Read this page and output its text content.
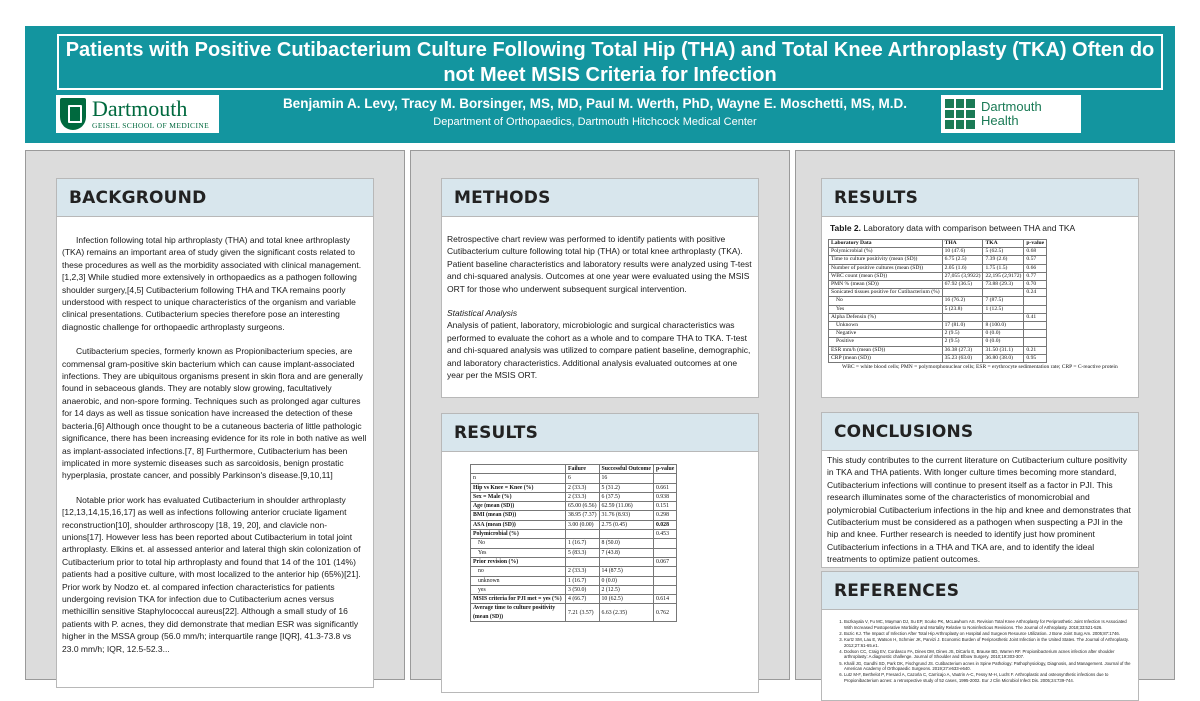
Patients with Positive Cutibacterium Culture Following Total Hip (THA) and Total Knee Arthroplasty (TKA) Often do not Meet MSIS Criteria for Infection
Dartmouth
GEISEL SCHOOL OF MEDICINE
Benjamin A. Levy, Tracy M. Borsinger, MS, MD, Paul M. Werth, PhD, Wayne E. Moschetti, MS, M.D.
Department of Orthopaedics, Dartmouth Hitchcock Medical Center
Dartmouth
Health
BACKGROUND

Infection following total hip arthroplasty (THA) and total knee arthroplasty (TKA) remains an important area of study given the significant costs related to these procedures as well as the morbidity associated with clinical management.[1,2,3] While studied more extensively in orthopaedics as a pathogen following shoulder surgery,[4,5] Cutibacterium following THA and TKA remains poorly understood with respect to unique characteristics of the organism and variable clinical presentations. Cutibacterium species therefore pose an interesting diagnostic challenge for orthopaedic arthroplasty surgeons.

Cutibacterium species, formerly known as Propionibacterium species, are commensal gram-positive skin bacterium which can cause implant-associated infections. They are ubiquitous organisms present in skin flora and are generally found in sebaceous glands. They are notably slow growing, facultatively anaerobic, and non-spore forming. Techniques such as prolonged agar cultures for 14 days as well as tissue sonication have increased the detection of these bacteria.[6] Although once thought to be a cutaneous bacteria of little pathologic significance, there has been increasing evidence for its role in both native as well as implant-associated infections.[7, 8] Furthermore, Cutibacterium has been implicated in more systemic diseases such as sarcoidosis, benign prostatic hyperplasia, prostate cancer, and possibly Parkinson's disease.[9,10,11]

Notable prior work has evaluated Cutibacterium in shoulder arthroplasty [12,13,14,15,16,17] as well as infections following anterior cruciate ligament reconstruction[10], shoulder arthroscopy [18, 19, 20], and clavicle non-unions[17]. However less has been reported about Cutibacterium in total joint arthroplasty. Elkins et. al assessed anterior and lateral thigh skin colonization of Cutibacterium prior to total hip arthroplasty and found that 14 of the 101 (14%) patients had a positive culture, with most localized to the anterior hip (65%)[21]. Prior work by Nodzo et. al compared infection characteristics for patients undergoing revision TKA for infection due to Cutibacterium acnes versus methicillin sensitive Staphylococcal aureus[22]. Although a small study of 16 patients with P. acnes, they did demonstrate that median ESR was significantly higher in the MSSA group (56.0 mm/h; interquartile range [IQR], 41.3-73.8 vs 23.0 mm/h; IQR, 12.5-52.3...

METHODS

Retrospective chart review was performed to identify patients with positive Cutibacterium culture following total hip (THA) or total knee arthroplasty (TKA). Patient baseline characteristics and laboratory results were analyzed using T-test and chi-squared analysis. Outcomes at one year were evaluated using the MSIS ORT for those who underwent subsequent surgical intervention.

Statistical Analysis

Analysis of patient, laboratory, microbiologic and surgical characteristics was performed to evaluate the cohort as a whole and to compare THA to TKA. T-test and chi-squared analysis was utilized to compare patient baseline, demographic, and laboratory characteristics. Additional analysis evaluated outcomes at one year per the MSIS ORT.

RESULTS
	Failure	Successful Outcome	p-value
n	6	16	
Hip vs Knee = Knee (%)	2 (33.3)	5 (31.2)	0.661
Sex = Male (%)	2 (33.3)	6 (37.5)	0.938
Age (mean (SD))	65.00 (6.56)	62.59 (11.06)	0.151
BMI (mean (SD))	38.95 (7.37)	31.76 (8.93)	0.298
ASA (mean (SD))	3.00 (0.00)	2.75 (0.45)	0.028
Polymicrobial (%)			0.453
No	1 (16.7)	8 (50.0)	
Yes	5 (83.3)	7 (43.8)	
Prior revision (%)			0.067
no	2 (33.3)	14 (87.5)	
unknown	1 (16.7)	0 (0.0)	
yes	3 (50.0)	2 (12.5)	
MSIS criteria for PJI met = yes (%)	4 (66.7)	10 (62.5)	0.614
Average time to culture positivity (mean (SD))	7.21 (3.57)	6.63 (2.35)	0.762
RESULTS
Table 2. Laboratory data with comparison between THA and TKA
Laboratory Data	THA	TKA	p-value
Polymicrobial (%)	10 (47.6)	5 (62.5)	0.68
Time to culture positivity (mean (SD))	6.75 (2.5)	7.39 (2.6)	0.57
Number of positive cultures (mean (SD))	2.05 (1.6)	1.75 (1.5)	0.66
WBC count (mean (SD))	27,055 (3,9922)	22,195 (2,9172)	0.77
PMN % (mean (SD))	67.92 (36.5)	73.88 (29.3)	0.70
Sonicated tissues positive for Cutibacterium (%)			0.24
No	16 (76.2)	7 (87.5)	
Yes	5 (23.8)	1 (12.5)	
Alpha Defensin (%)			0.41
Unknown	17 (81.0)	8 (100.0)	
Negative	2 (9.5)	0 (0.0)	
Positive	2 (9.5)	0 (0.0)	
ESR mm/h (mean (SD))	36.38 (27.3)	31.50 (31.1)	0.21
CRP (mean (SD))	35.23 (63.0)	36.80 (38.0)	0.95
WBC = white blood cells; PMN = polymorphonuclear cells; ESR = erythrocyte sedimentation rate; CRP = C-reactive protein
CONCLUSIONS

This study contributes to the current literature on Cutibacterium culture positivity in TKA and THA patients. With longer culture times becoming more standard, Cutibacterium infections will continue to present itself as a factor in PJI. This research illuminates some of the characteristics of monomicrobial and polymicrobial Cutibacterium infections in the hip and knee and demonstrates that Cutibacterium must be considered as a pathogen when suspecting a PJI in the hip and knee. Further research is needed to identify just how prominent Cutibacterium infections in a THA and TKA are, and to identify the ideal treatments to optimize patient outcomes.

REFERENCES
1. Bozkayala V, Fu MC, Mayman DJ, Su EP, Scuko PK, McLawhorn AS. Revision Total Knee Arthroplasty for Periprosthetic Joint Infection Is Associated With Increased Postoperative Morbidity and Mortality Relative to Noninfectious Revisions. The Journal of Arthroplasty. 2018;33:521-526.
2. Bozic KJ. The Impact of Infection After Total Hip Arthroplasty on Hospital and Surgeon Resource Utilization. J Bone Joint Surg Am. 2005;87:1746.
3. Kurtz SM, Lau E, Watson H, Schmier JK, Parvizi J. Economic Burden of Periprosthetic Joint Infection in the United States. The Journal of Arthroplasty. 2012;27:61-65.e1.
4. Dodson CC, Craig EV, Cordasco FA, Dines DM, Dines JS, DiCarlo E, Brause BD, Warren RF. Propionibacterium acnes infection after shoulder arthroplasty: A diagnostic challenge. Journal of Shoulder and Elbow Surgery. 2010;19:303-307.
5. Khalil JG, Gandhi SD, Park DK, Fischgrund JS. Cutibacterium acnes in Spine Pathology: Pathophysiology, Diagnosis, and Management. Journal of the American Academy of Orthopaedic Surgeons. 2019;27:e633-e640.
6. Lutz M-F, Berthelot P, Fresard A, Cazorla C, Carricajo A, Vautrin A-C, Fessy M-H, Lucht F. Arthroplastic and osteosynthetic infections due to Propionibacterium acnes: a retrospective study of 52 cases, 1995-2002. Eur J Clin Microbiol Infect Dis. 2005;24:739-744.
